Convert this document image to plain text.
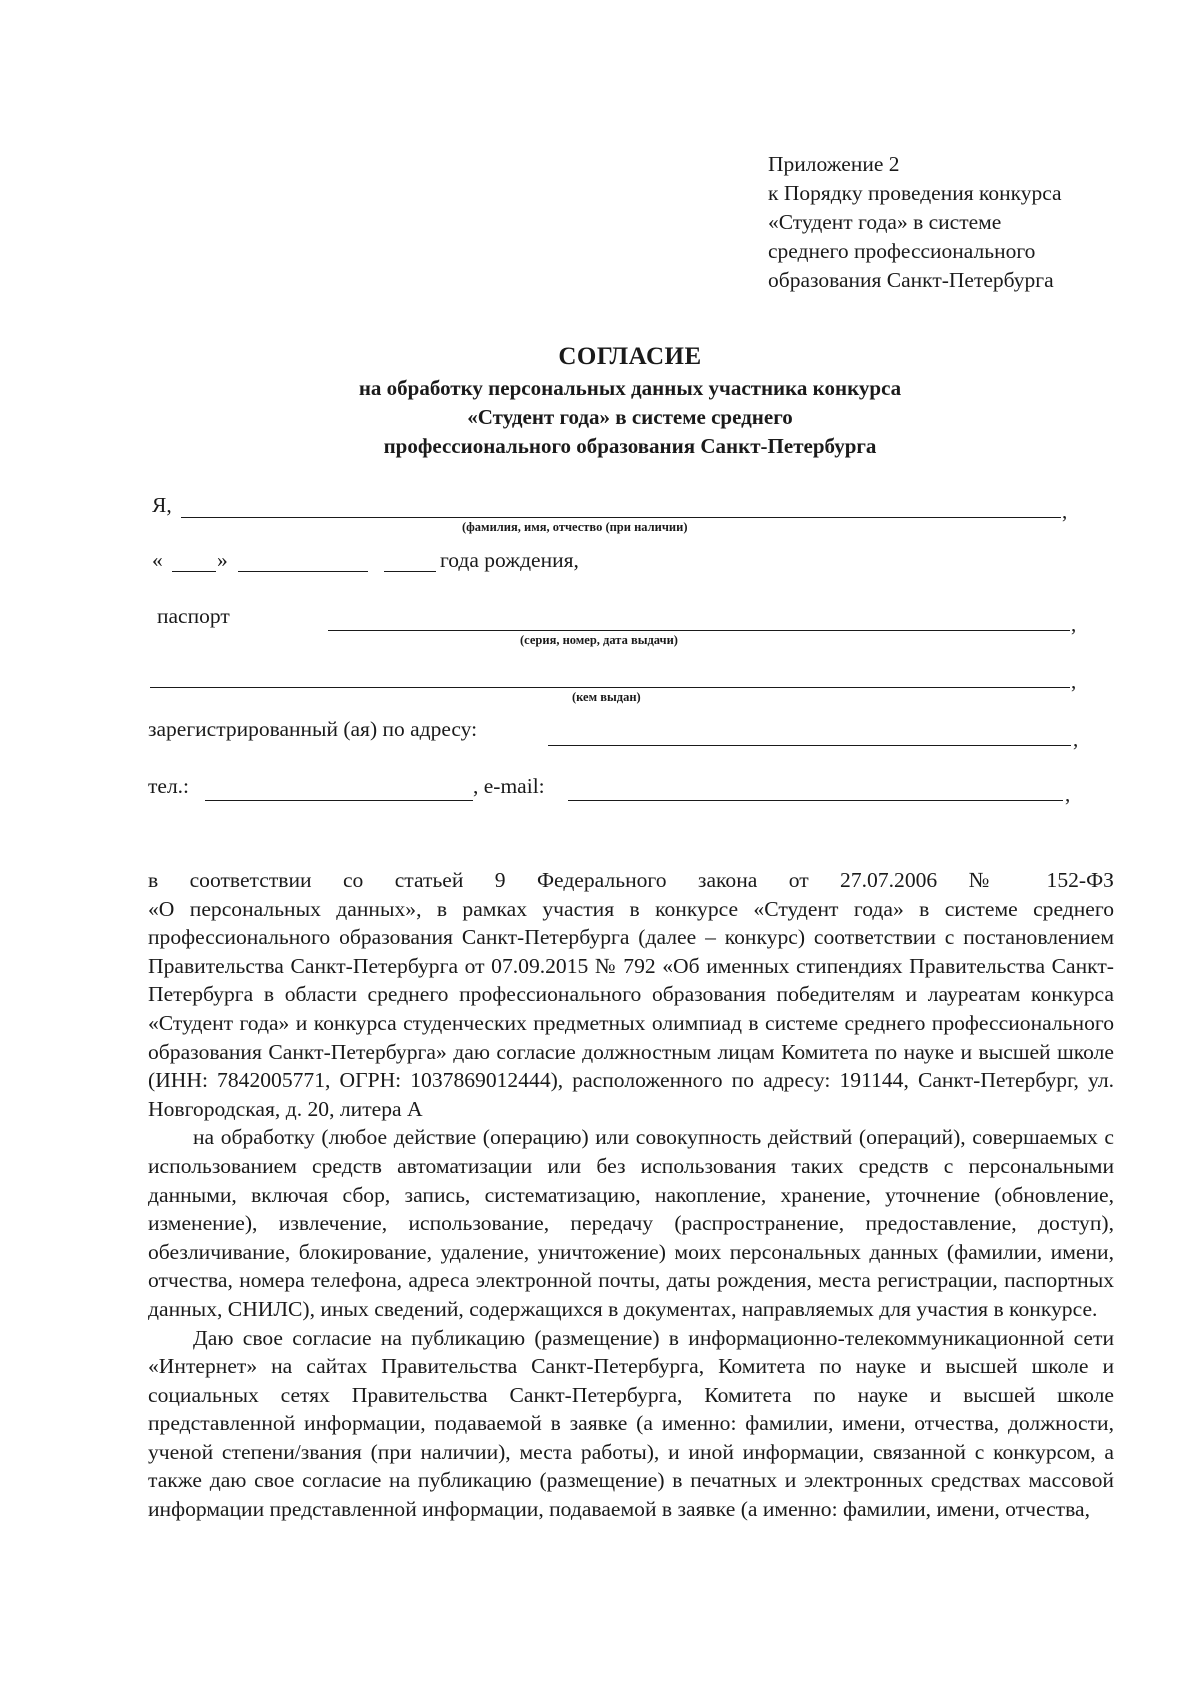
Приложение 2
к Порядку проведения конкурса
«Студент года» в системе
среднего профессионального
образования Санкт-Петербурга
СОГЛАСИЕ
на обработку персональных данных участника конкурса
«Студент года» в системе среднего
профессионального образования Санкт-Петербурга
Я,	,
(фамилия, имя, отчество (при наличии)
«	»	года рождения,
паспорт	,
(серия, номер, дата выдачи)
,
(кем выдан)
зарегистрированный (ая) по адресу:	,
тел.:	, e-mail:	,

в соответствии со статьей 9 Федерального закона от 27.07.2006 № 152-ФЗ

«О персональных данных», в рамках участия в конкурсе «Студент года» в системе среднего профессионального образования Санкт-Петербурга (далее – конкурс) соответствии с постановлением Правительства Санкт-Петербурга от 07.09.2015 № 792 «Об именных стипендиях Правительства Санкт-Петербурга в области среднего профессионального образования победителям и лауреатам конкурса «Студент года» и конкурса студенческих предметных олимпиад в системе среднего профессионального образования Санкт-Петербурга» даю согласие должностным лицам Комитета по науке и высшей школе (ИНН: 7842005771, ОГРН: 1037869012444), расположенного по адресу: 191144, Санкт-Петербург, ул. Новгородская, д. 20, литера А

на обработку (любое действие (операцию) или совокупность действий (операций), совершаемых с использованием средств автоматизации или без использования таких средств с персональными данными, включая сбор, запись, систематизацию, накопление, хранение, уточнение (обновление, изменение), извлечение, использование, передачу (распространение, предоставление, доступ), обезличивание, блокирование, удаление, уничтожение) моих персональных данных (фамилии, имени, отчества, номера телефона, адреса электронной почты, даты рождения, места регистрации, паспортных данных, СНИЛС), иных сведений, содержащихся в документах, направляемых для участия в конкурсе.

Даю свое согласие на публикацию (размещение) в информационно-телекоммуникационной сети «Интернет» на сайтах Правительства Санкт-Петербурга, Комитета по науке и высшей школе и социальных сетях Правительства Санкт-Петербурга, Комитета по науке и высшей школе представленной информации, подаваемой в заявке (а именно: фамилии, имени, отчества, должности, ученой степени/звания (при наличии), места работы), и иной информации, связанной с конкурсом, а также даю свое согласие на публикацию (размещение) в печатных и электронных средствах массовой информации представленной информации, подаваемой в заявке (а именно: фамилии, имени, отчества,
